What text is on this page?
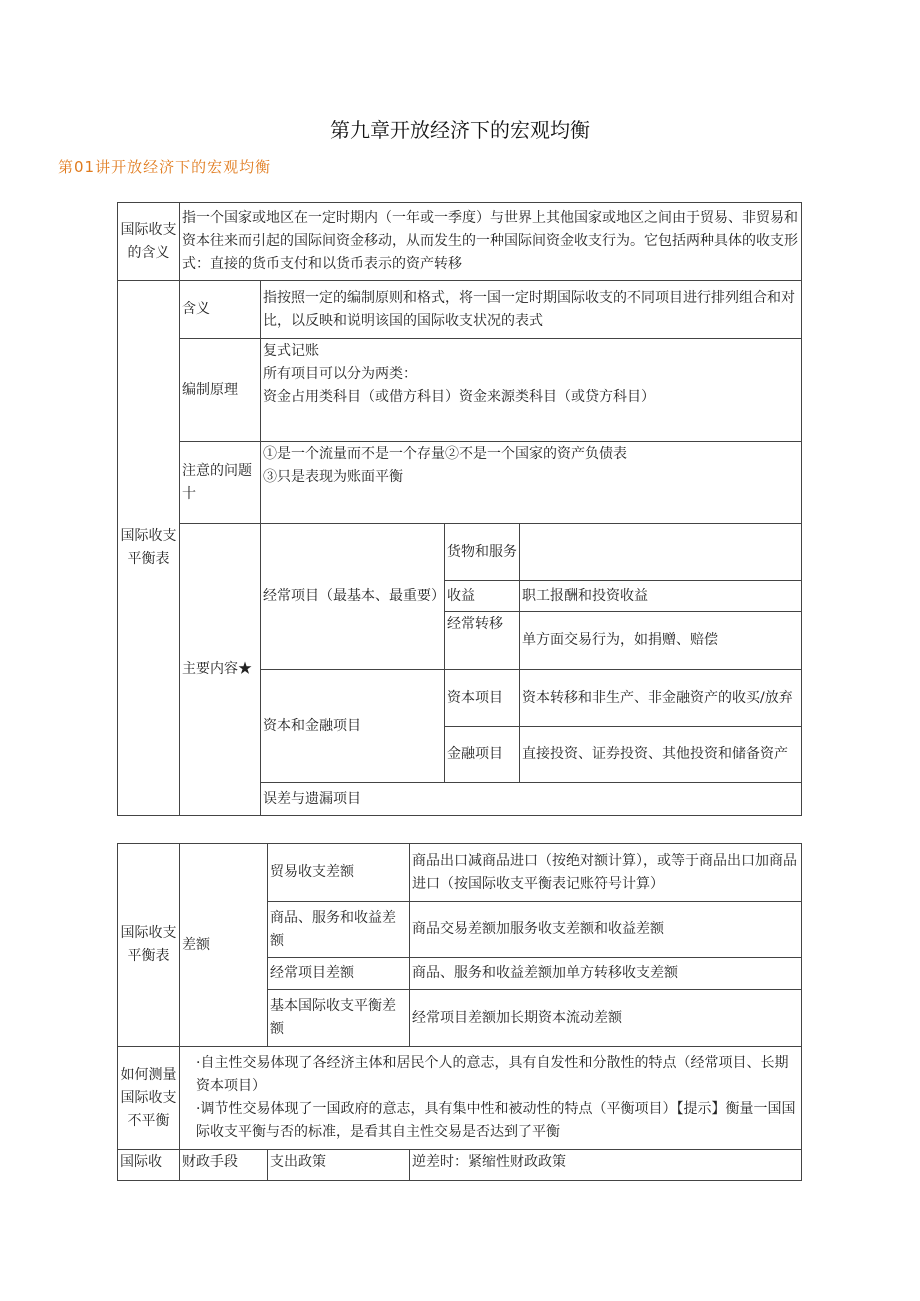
第九章开放经济下的宏观均衡
第01讲开放经济下的宏观均衡
国际收支的含义	指一个国家或地区在一定时期内（一年或一季度）与世界上其他国家或地区之间由于贸易、非贸易和资本往来而引起的国际间资金移动，从而发生的一种国际间资金收支行为。它包括两种具体的收支形式：直接的货币支付和以货币表示的资产转移			
国际收支平衡表	含义	指按照一定的编制原则和格式，将一国一定时期国际收支的不同项目进行排列组合和对比，以反映和说明该国的国际收支状况的表式		
	编制原理	复式记账
所有项目可以分为两类：
资金占用类科目（或借方科目）资金来源类科目（或贷方科目）		

	注意的问题十	①是一个流量而不是一个存量②不是一个国家的资产负债表
③只是表现为账面平衡		

	主要内容★	经常项目（最基本、最重要）	货物和服务	
			收益	职工报酬和投资收益
			经常转移	单方面交易行为，如捐赠、赔偿
		资本和金融项目	资本项目	资本转移和非生产、非金融资产的收买/放弃
			金融项目	直接投资、证券投资、其他投资和储备资产
		误差与遗漏项目		
国际收支平衡表	差额	贸易收支差额	商品出口减商品进口（按绝对额计算），或等于商品出口加商品进口（按国际收支平衡表记账符号计算）
		商品、服务和收益差额	商品交易差额加服务收支差额和收益差额
		经常项目差额	商品、服务和收益差额加单方转移收支差额
		基本国际收支平衡差额	经常项目差额加长期资本流动差额
如何测量国际收支不平衡	·自主性交易体现了各经济主体和居民个人的意志，具有自发性和分散性的特点（经常项目、长期资本项目）
·调节性交易体现了一国政府的意志，具有集中性和被动性的特点（平衡项目）【提示】衡量一国国际收支平衡与否的标准，是看其自主性交易是否达到了平衡		

国际收	财政手段	支出政策	逆差时：紧缩性财政政策
